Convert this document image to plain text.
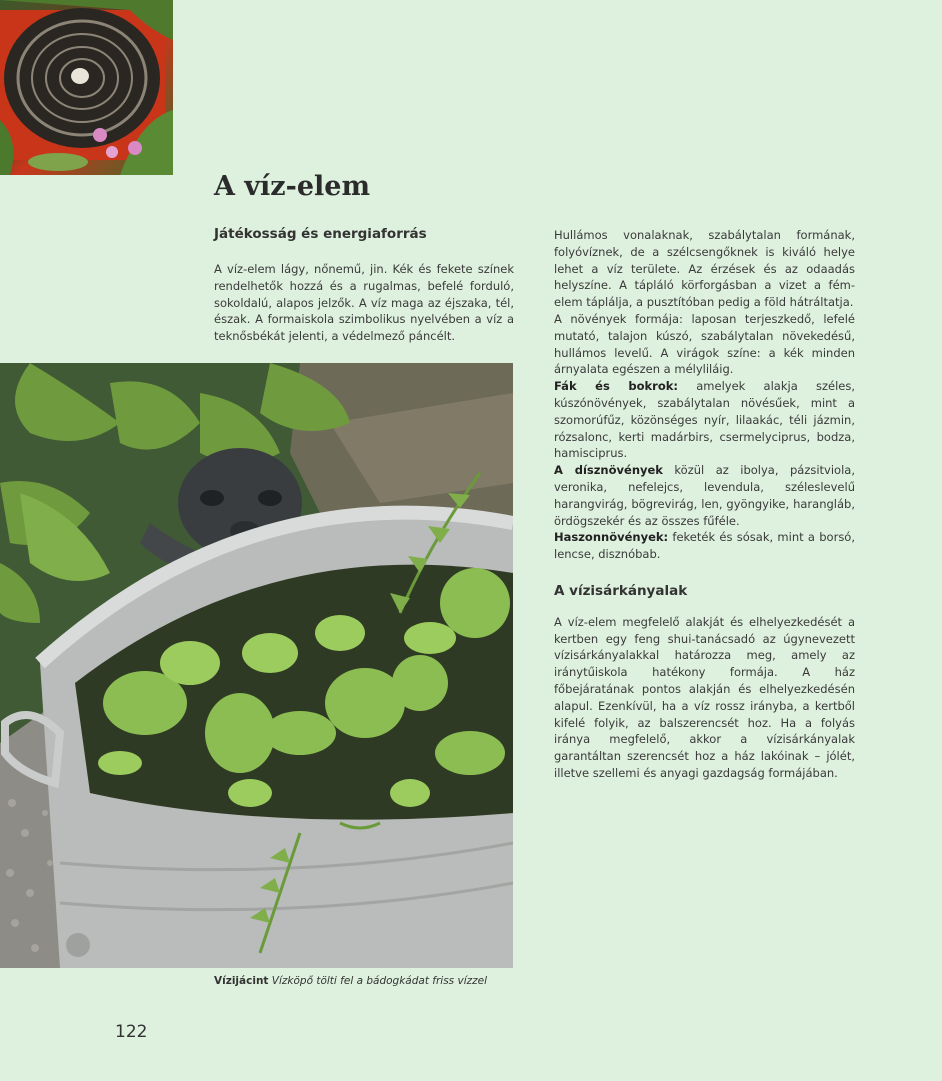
A víz-elem
Játékosság és energiaforrás

A víz-elem lágy, nőnemű, jin. Kék és fekete színek rendelhetők hozzá és a rugalmas, befelé forduló, sokoldalú, alapos jelzők. A víz maga az éjszaka, tél, észak. A formaiskola szimbolikus nyelvében a víz a teknősbékát jelenti, a védelmező páncélt.

Vízijácint Vízköpő tölti fel a bádogkádat friss vízzel

Hullámos vonalaknak, szabálytalan formának, folyóvíznek, de a szélcsengőknek is kiváló helye lehet a víz területe. Az érzések és az odaadás helyszíne. A tápláló körforgásban a vizet a fém-elem táplálja, a pusztítóban pedig a föld hátráltatja.

A növények formája: laposan terjeszkedő, lefelé mutató, talajon kúszó, szabálytalan növekedésű, hullámos levelű. A virágok színe: a kék minden árnyalata egészen a mélyliláig.

Fák és bokrok: amelyek alakja széles, kúszónövények, szabálytalan növésűek, mint a szomorúfűz, közönséges nyír, lilaakác, téli jázmin, rózsalonc, kerti madárbirs, csermelyciprus, bodza, hamisciprus.

A dísznövények közül az ibolya, pázsitviola, veronika, nefelejcs, levendula, széleslevelű harangvirág, bögrevirág, len, gyöngyike, harangláb, ördögszekér és az összes fűféle.

Haszonnövények: feketék és sósak, mint a borsó, lencse, disznóbab.

A vízisárkányalak

A víz-elem megfelelő alakját és elhelyezkedését a kertben egy feng shui-tanácsadó az úgynevezett vízisárkányalakkal határozza meg, amely az iránytűiskola hatékony formája. A ház főbejáratának pontos alakján és elhelyezkedésén alapul. Ezenkívül, ha a víz rossz irányba, a kertből kifelé folyik, az balszerencsét hoz. Ha a folyás iránya megfelelő, akkor a vízisárkányalak garantáltan szerencsét hoz a ház lakóinak – jólét, illetve szellemi és anyagi gazdagság formájában.

122
